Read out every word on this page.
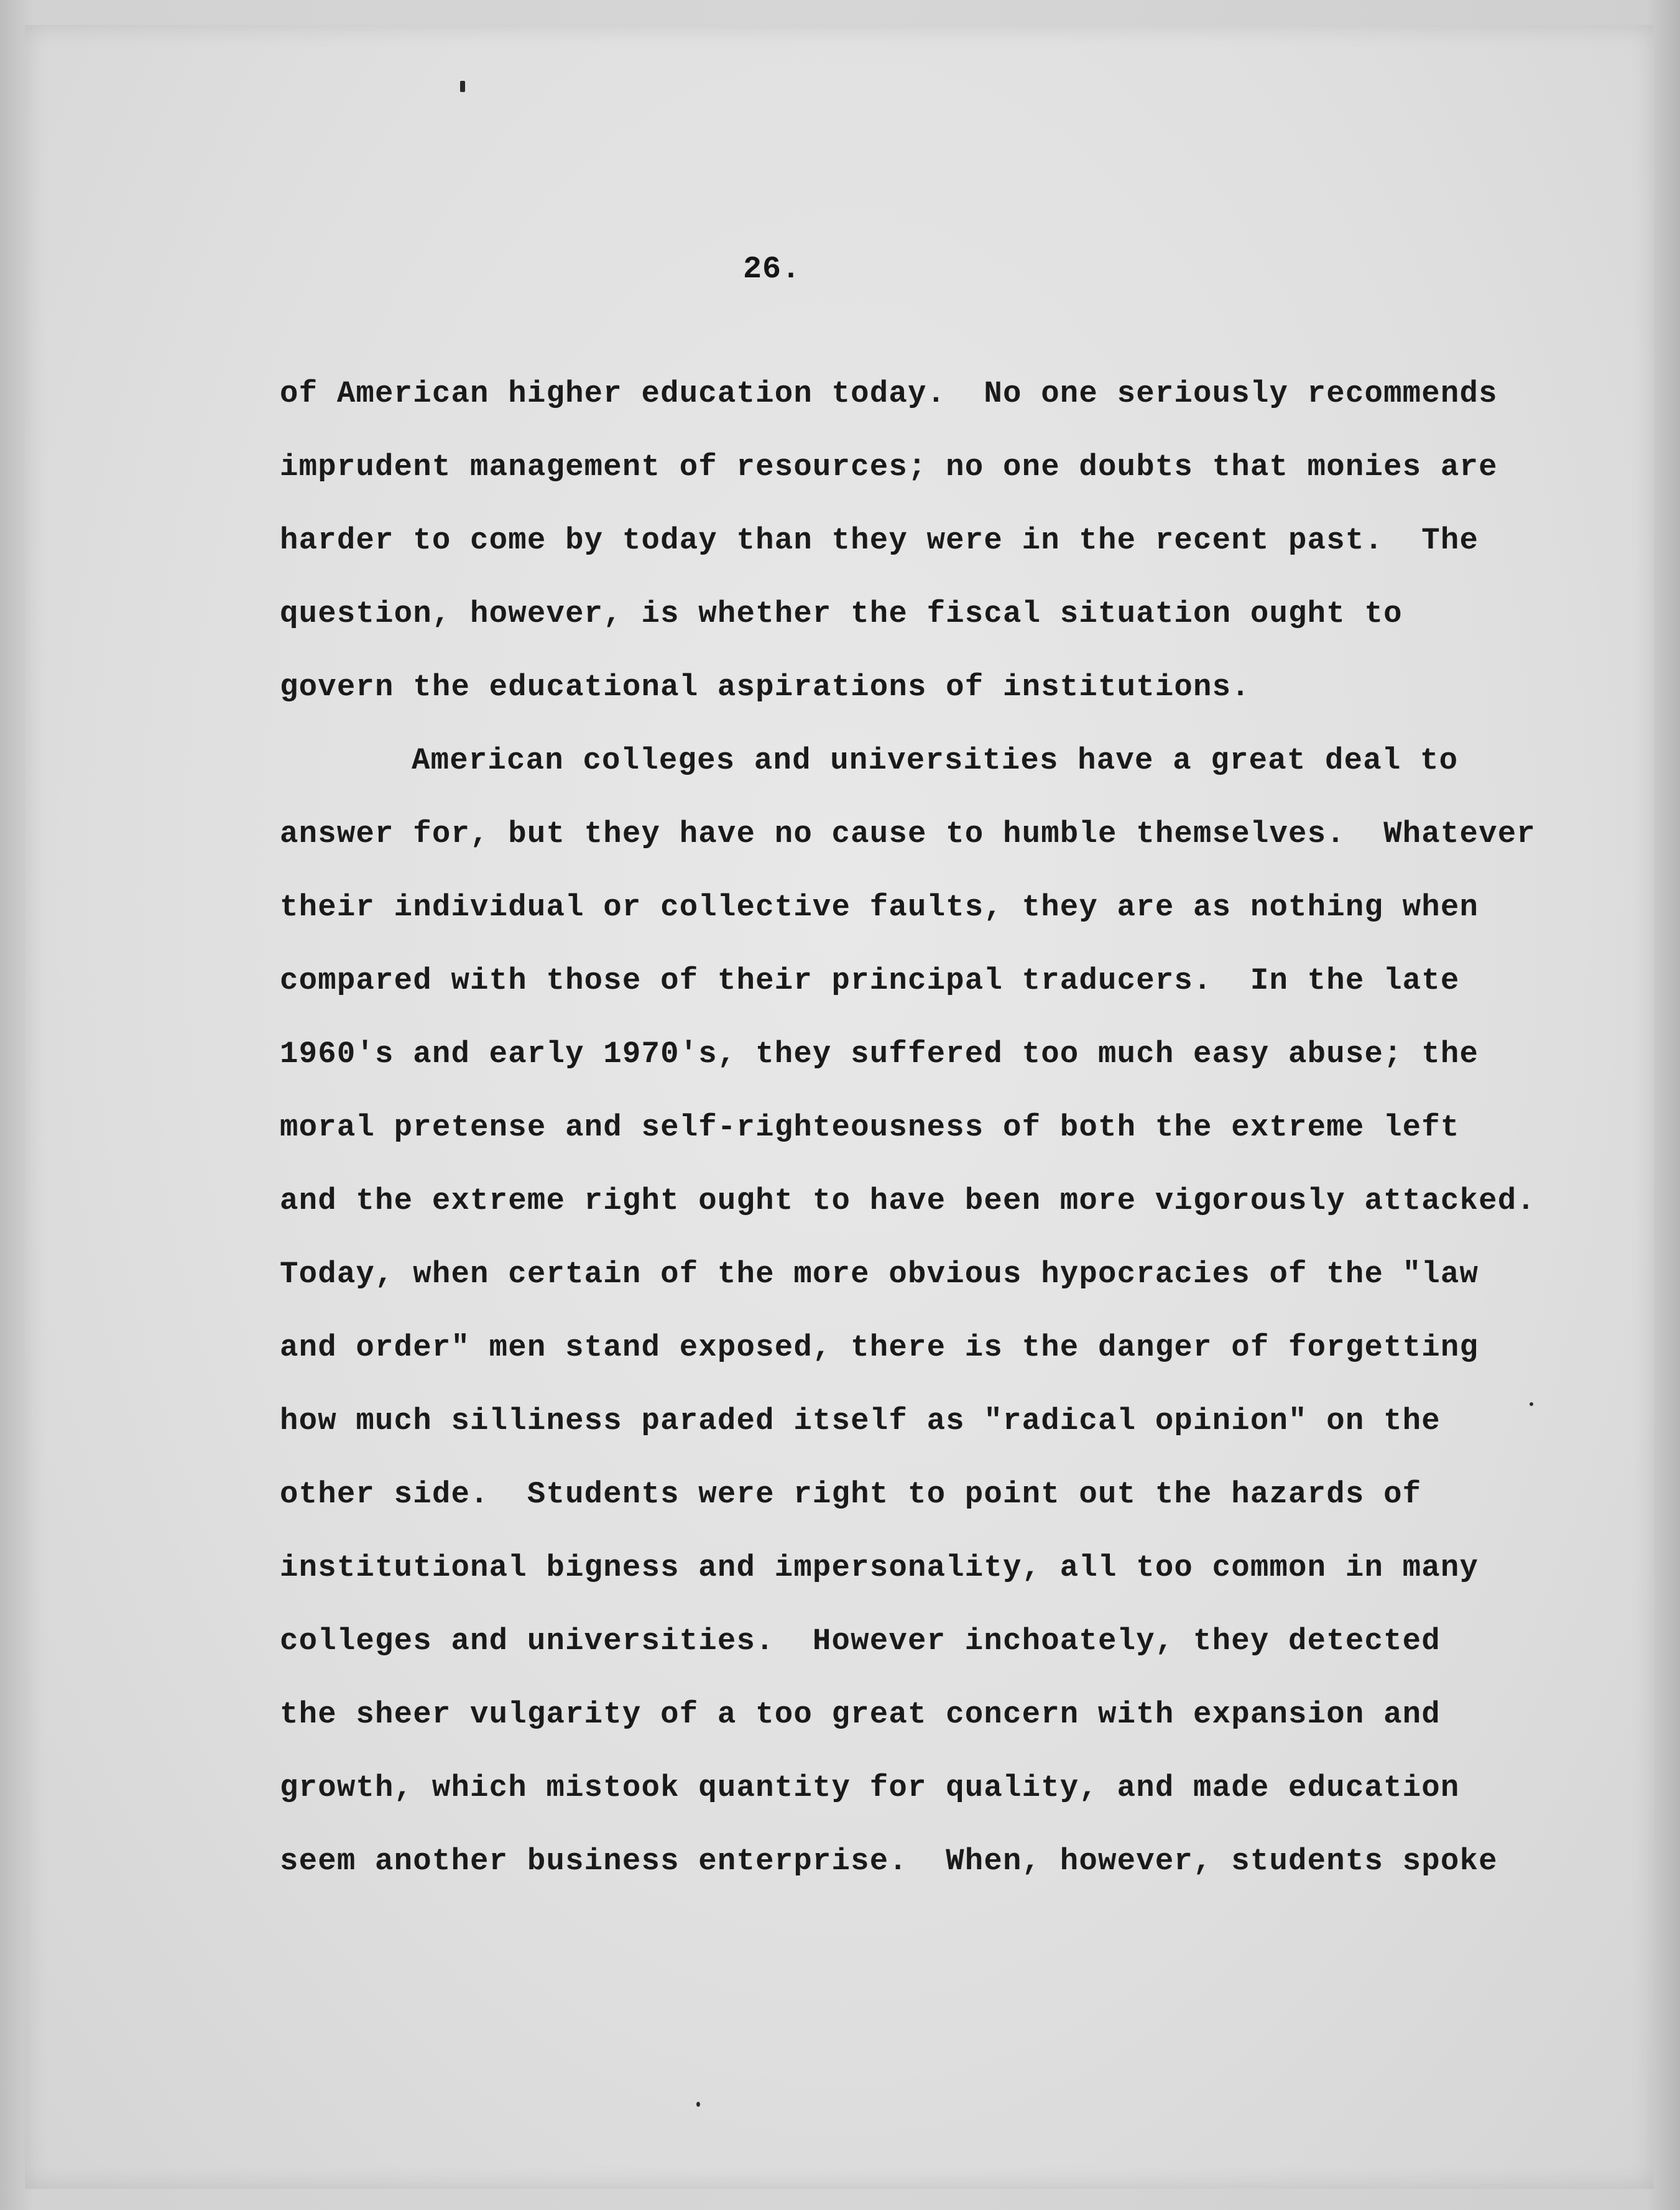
26.
of American higher education today.  No one seriously recommends
imprudent management of resources; no one doubts that monies are
harder to come by today than they were in the recent past.  The
question, however, is whether the fiscal situation ought to
govern the educational aspirations of institutions.
American colleges and universities have a great deal to
answer for, but they have no cause to humble themselves.  Whatever
their individual or collective faults, they are as nothing when
compared with those of their principal traducers.  In the late
1960's and early 1970's, they suffered too much easy abuse; the
moral pretense and self-righteousness of both the extreme left
and the extreme right ought to have been more vigorously attacked.
Today, when certain of the more obvious hypocracies of the "law
and order" men stand exposed, there is the danger of forgetting
how much silliness paraded itself as "radical opinion" on the
other side.  Students were right to point out the hazards of
institutional bigness and impersonality, all too common in many
colleges and universities.  However inchoately, they detected
the sheer vulgarity of a too great concern with expansion and
growth, which mistook quantity for quality, and made education
seem another business enterprise.  When, however, students spoke
